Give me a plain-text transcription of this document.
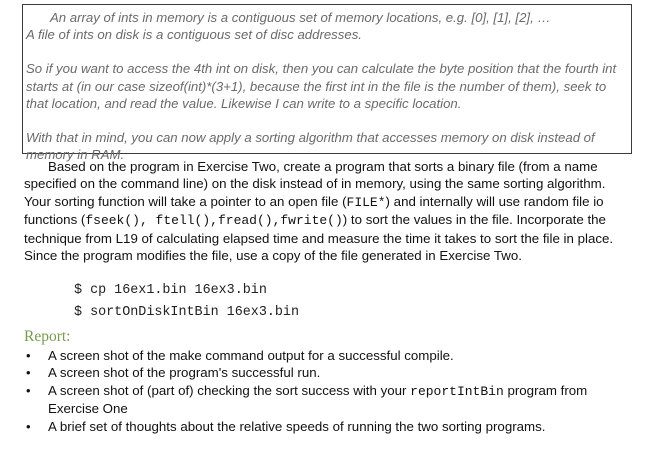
An array of ints in memory is a contiguous set of memory locations, e.g. [0], [1], [2], …

A file of ints on disk is a contiguous set of disc addresses.

So if you want to access the 4th int on disk, then you can calculate the byte position that the fourth int starts at (in our case sizeof(int)*(3+1), because the first int in the file is the number of them), seek to that location, and read the value. Likewise I can write to a specific location.

With that in mind, you can now apply a sorting algorithm that accesses memory on disk instead of memory in RAM.

Based on the program in Exercise Two, create a program that sorts a binary file (from a name specified on the command line) on the disk instead of in memory, using the same sorting algorithm. Your sorting function will take a pointer to an open file (FILE*) and internally will use random file io functions (fseek(), ftell(),fread(),fwrite()) to sort the values in the file. Incorporate the technique from L19 of calculating elapsed time and measure the time it takes to sort the file in place. Since the program modifies the file, use a copy of the file generated in Exercise Two.

$ cp 16ex1.bin 16ex3.bin
$ sortOnDiskIntBin 16ex3.bin
Report:
• A screen shot of the make command output for a successful compile.
• A screen shot of the program's successful run.
• A screen shot of (part of) checking the sort success with your reportIntBin program from Exercise One
• A brief set of thoughts about the relative speeds of running the two sorting programs.
